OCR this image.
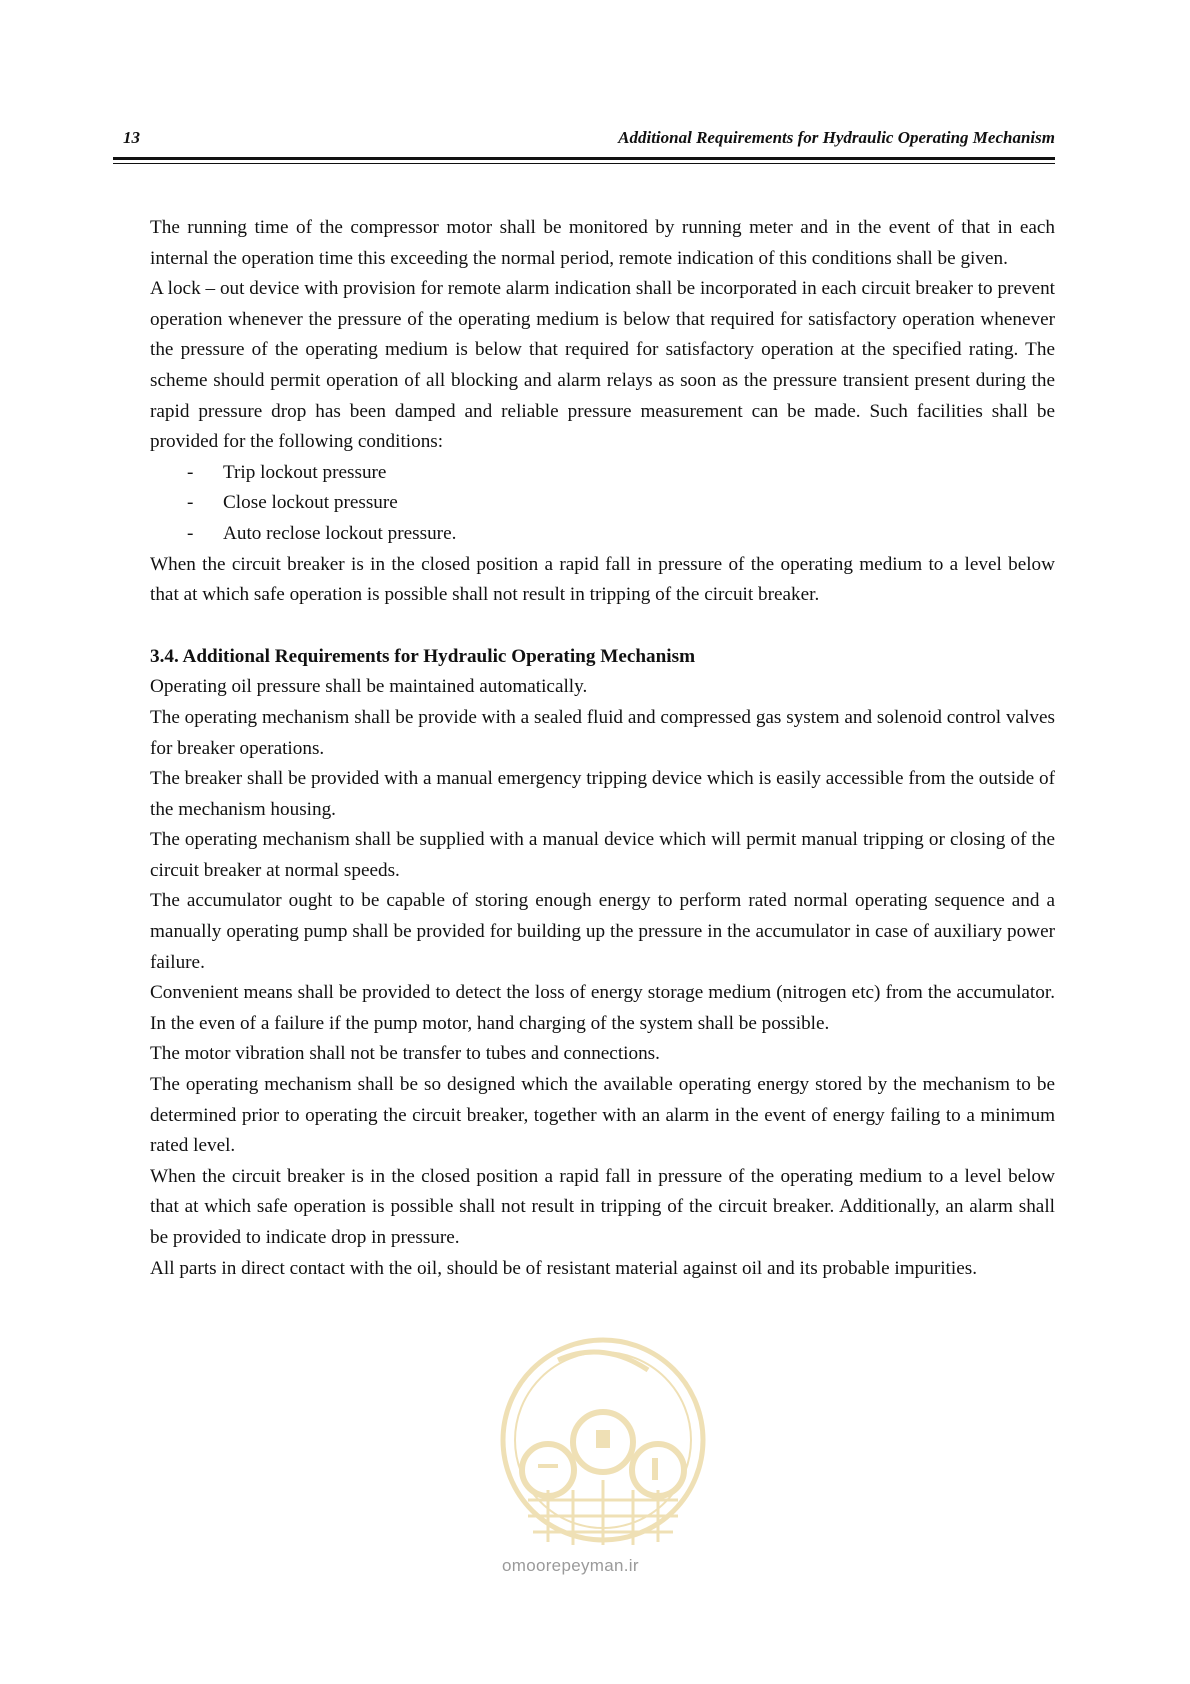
13	Additional Requirements for Hydraulic Operating Mechanism

The running time of the compressor motor shall be monitored by running meter and in the event of that in each internal the operation time this exceeding the normal period, remote indication of this conditions shall be given.

A lock – out device with provision for remote alarm indication shall be incorporated in each circuit breaker to prevent operation whenever the pressure of the operating medium is below that required for satisfactory operation whenever the pressure of the operating medium is below that required for satisfactory operation at the specified rating. The scheme should permit operation of all blocking and alarm relays as soon as the pressure transient present during the rapid pressure drop has been damped and reliable pressure measurement can be made. Such facilities shall be provided for the following conditions:

- Trip lockout pressure
- Close lockout pressure
- Auto reclose lockout pressure.

When the circuit breaker is in the closed position a rapid fall in pressure of the operating medium to a level below that at which safe operation is possible shall not result in tripping of the circuit breaker.

3.4. Additional Requirements for Hydraulic Operating Mechanism

Operating oil pressure shall be maintained automatically.

The operating mechanism shall be provide with a sealed fluid and compressed gas system and solenoid control valves for breaker operations.

The breaker shall be provided with a manual emergency tripping device which is easily accessible from the outside of the mechanism housing.

The operating mechanism shall be supplied with a manual device which will permit manual tripping or closing of the circuit breaker at normal speeds.

The accumulator ought to be capable of storing enough energy to perform rated normal operating sequence and a manually operating pump shall be provided for building up the pressure in the accumulator in case of auxiliary power failure.

Convenient means shall be provided to detect the loss of energy storage medium (nitrogen etc) from the accumulator. In the even of a failure if the pump motor, hand charging of the system shall be possible.

The motor vibration shall not be transfer to tubes and connections.

The operating mechanism shall be so designed which the available operating energy stored by the mechanism to be determined prior to operating the circuit breaker, together with an alarm in the event of energy failing to a minimum rated level.

When the circuit breaker is in the closed position a rapid fall in pressure of the operating medium to a level below that at which safe operation is possible shall not result in tripping of the circuit breaker. Additionally, an alarm shall be provided to indicate drop in pressure.

All parts in direct contact with the oil, should be of resistant material against oil and its probable impurities.

omoorepeyman.ir
